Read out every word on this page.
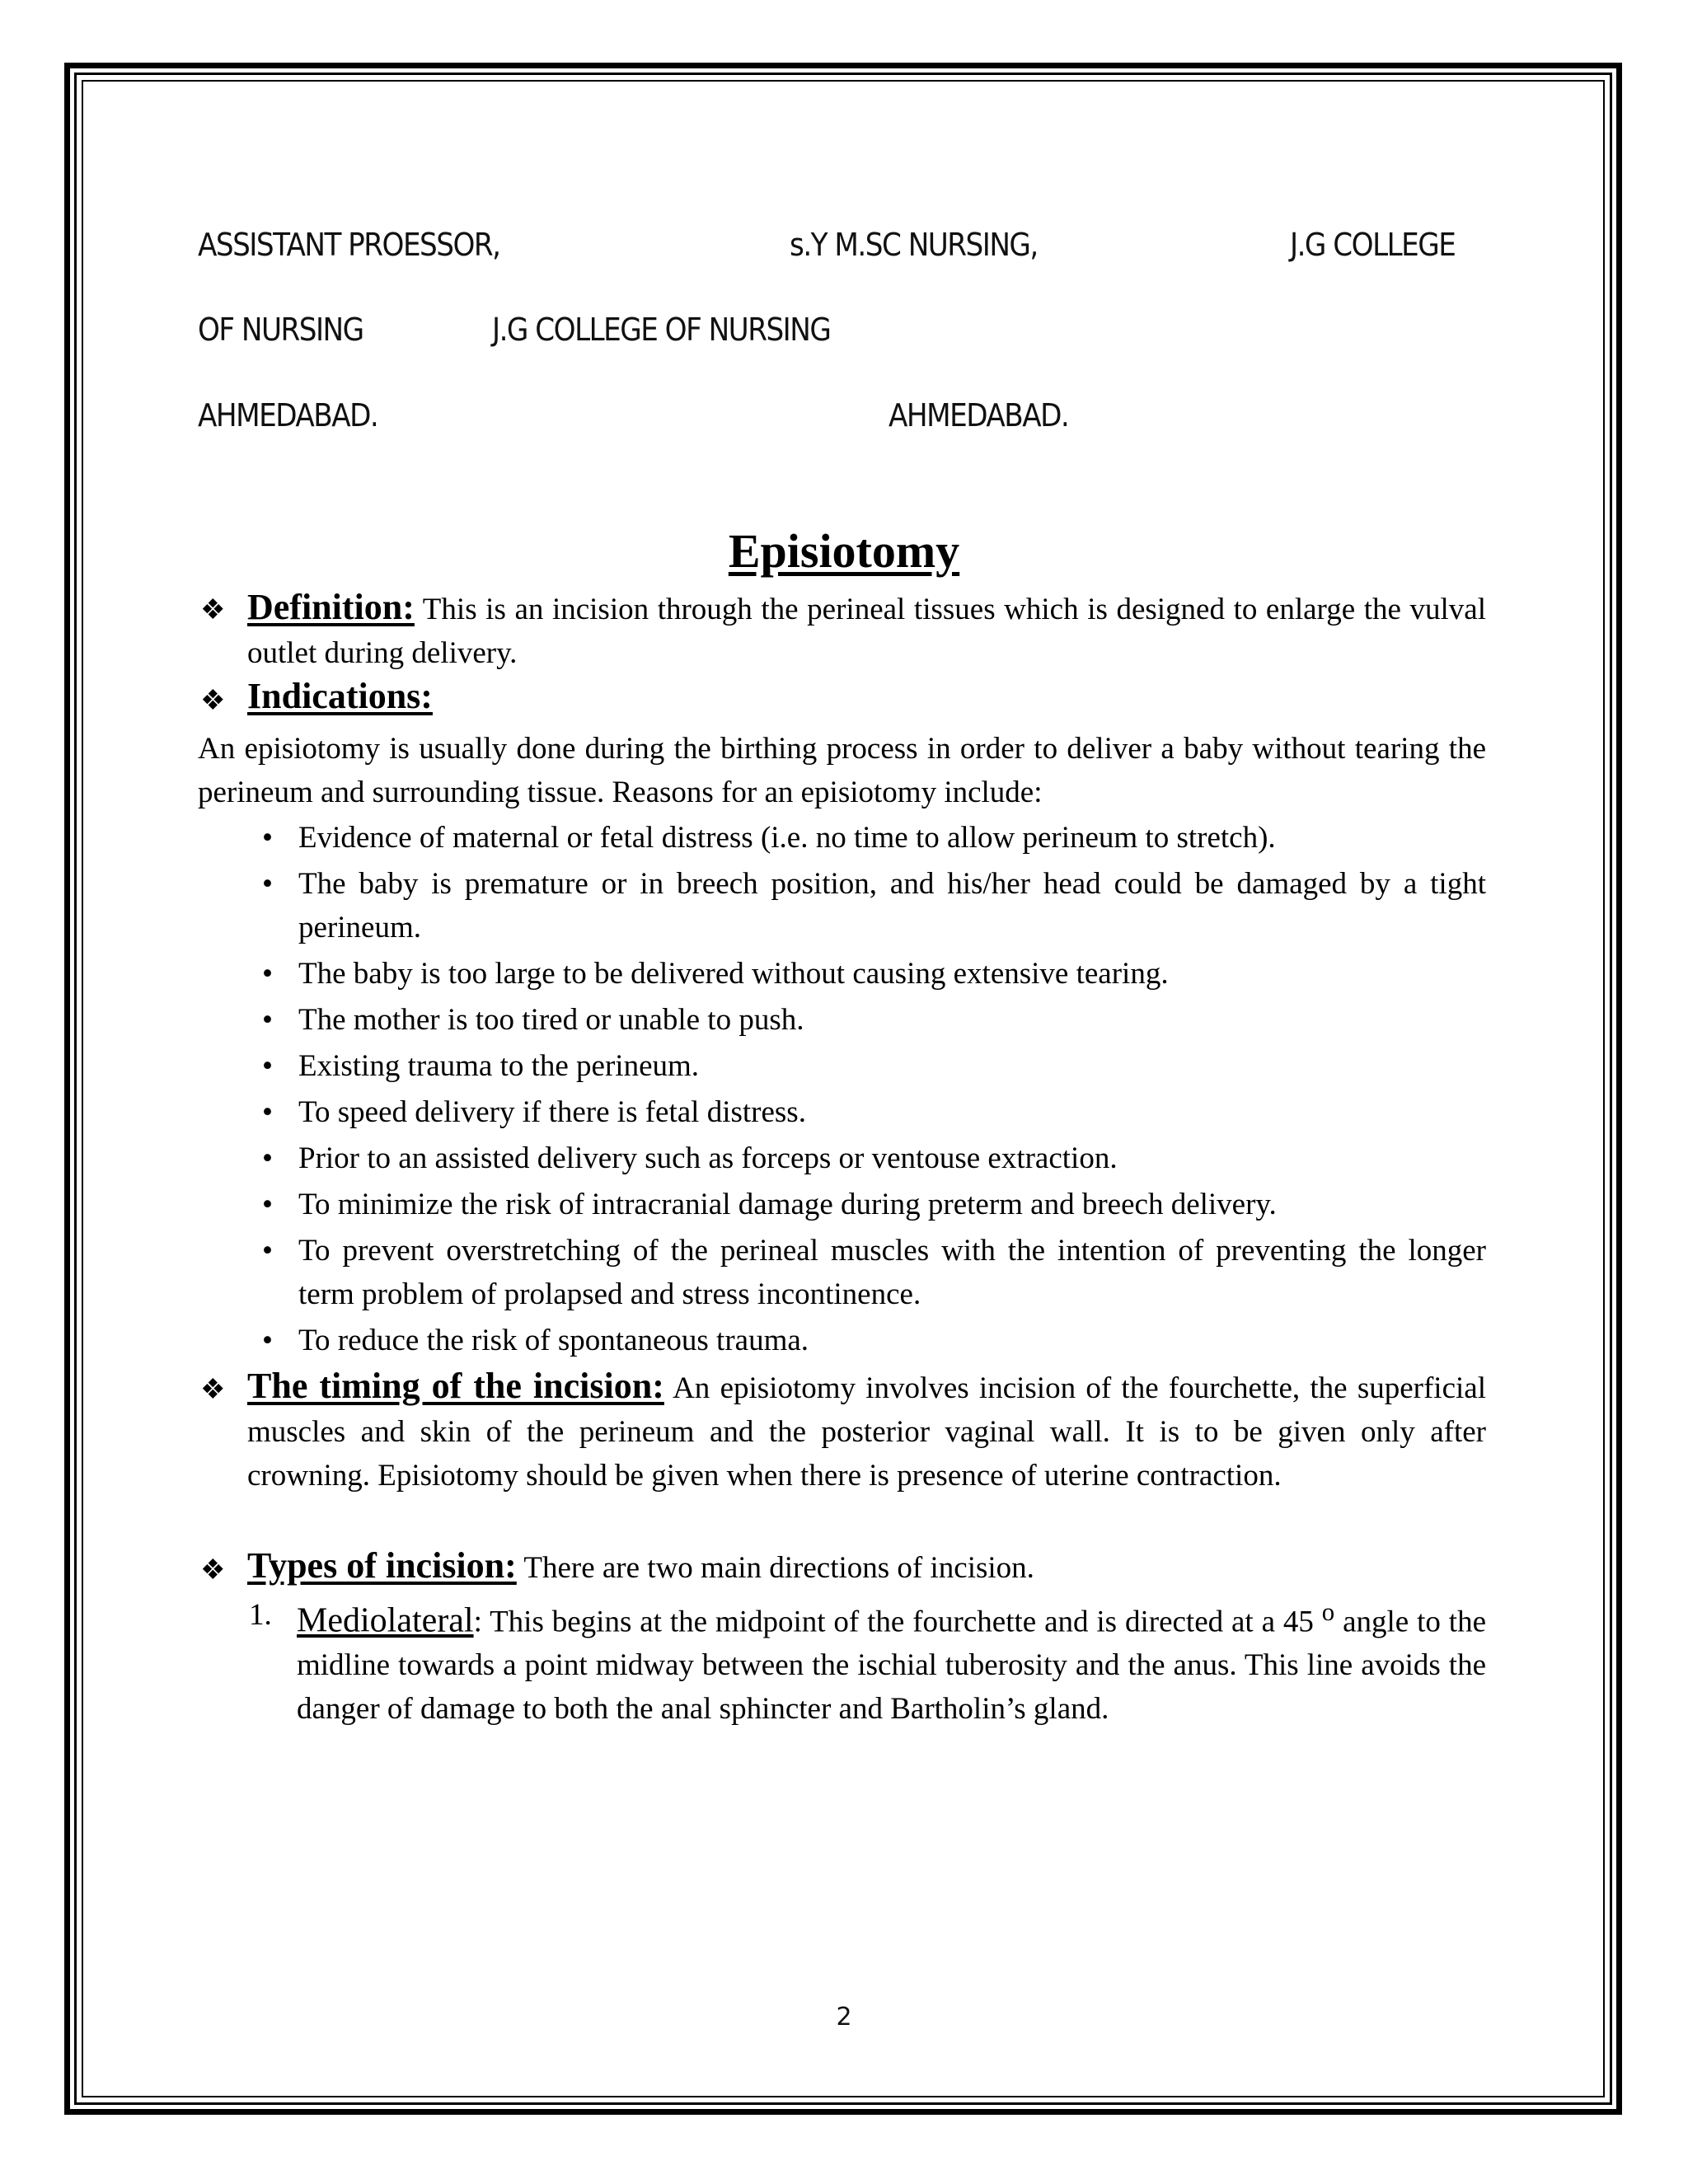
ASSISTANT PROESSOR,	s.Y M.SC NURSING,	J.G COLLEGE
OF NURSING	J.G COLLEGE OF NURSING
AHMEDABAD.	AHMEDABAD.
Episiotomy
❖ Definition: This is an incision through the perineal tissues which is designed to enlarge the vulval outlet during delivery.
❖ Indications:
An episiotomy is usually done during the birthing process in order to deliver a baby without tearing the perineum and surrounding tissue. Reasons for an episiotomy include:
• Evidence of maternal or fetal distress (i.e. no time to allow perineum to stretch).
• The baby is premature or in breech position, and his/her head could be damaged by a tight perineum.
• The baby is too large to be delivered without causing extensive tearing.
• The mother is too tired or unable to push.
• Existing trauma to the perineum.
• To speed delivery if there is fetal distress.
• Prior to an assisted delivery such as forceps or ventouse extraction.
• To minimize the risk of intracranial damage during preterm and breech delivery.
• To prevent overstretching of the perineal muscles with the intention of preventing the longer term problem of prolapsed and stress incontinence.
• To reduce the risk of spontaneous trauma.
❖ The timing of the incision: An episiotomy involves incision of the fourchette, the superficial muscles and skin of the perineum and the posterior vaginal wall. It is to be given only after crowning. Episiotomy should be given when there is presence of uterine contraction.
❖ Types of incision: There are two main directions of incision.
1. Mediolateral: This begins at the midpoint of the fourchette and is directed at a 45 $^o$ angle to the midline towards a point midway between the ischial tuberosity and the anus. This line avoids the danger of damage to both the anal sphincter and Bartholin’s gland.
2
